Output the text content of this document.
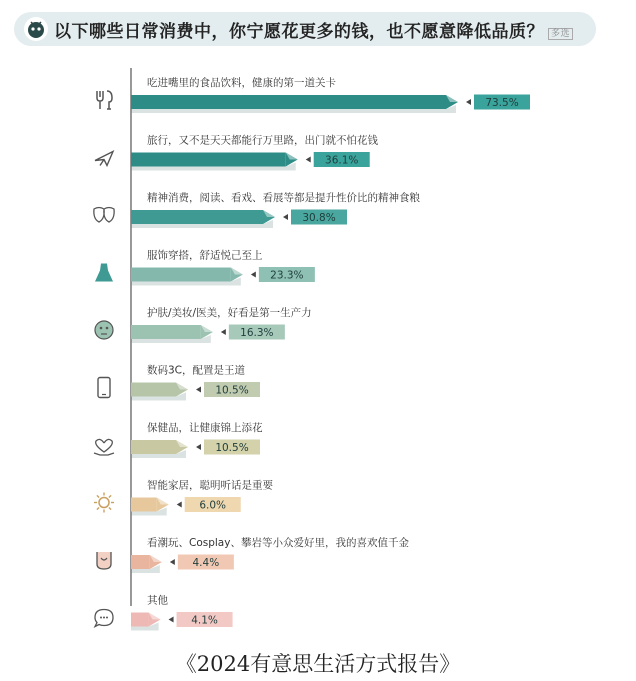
以下哪些日常消费中，你宁愿花更多的钱，也不愿意降低品质？ 多选
吃进嘴里的食品饮料，健康的第一道关卡
73.5%
旅行，又不是天天都能行万里路，出门就不怕花钱
36.1%
精神消费，阅读、看戏、看展等都是提升性价比的精神食粮
30.8%
服饰穿搭，舒适悦己至上
23.3%
护肤/美妆/医美，好看是第一生产力
16.3%
数码3C，配置是王道
10.5%
保健品，让健康锦上添花
10.5%
智能家居，聪明听话是重要
6.0%
看潮玩、Cosplay、攀岩等小众爱好里，我的喜欢值千金
4.4%
其他
4.1%
《2024有意思生活方式报告》
